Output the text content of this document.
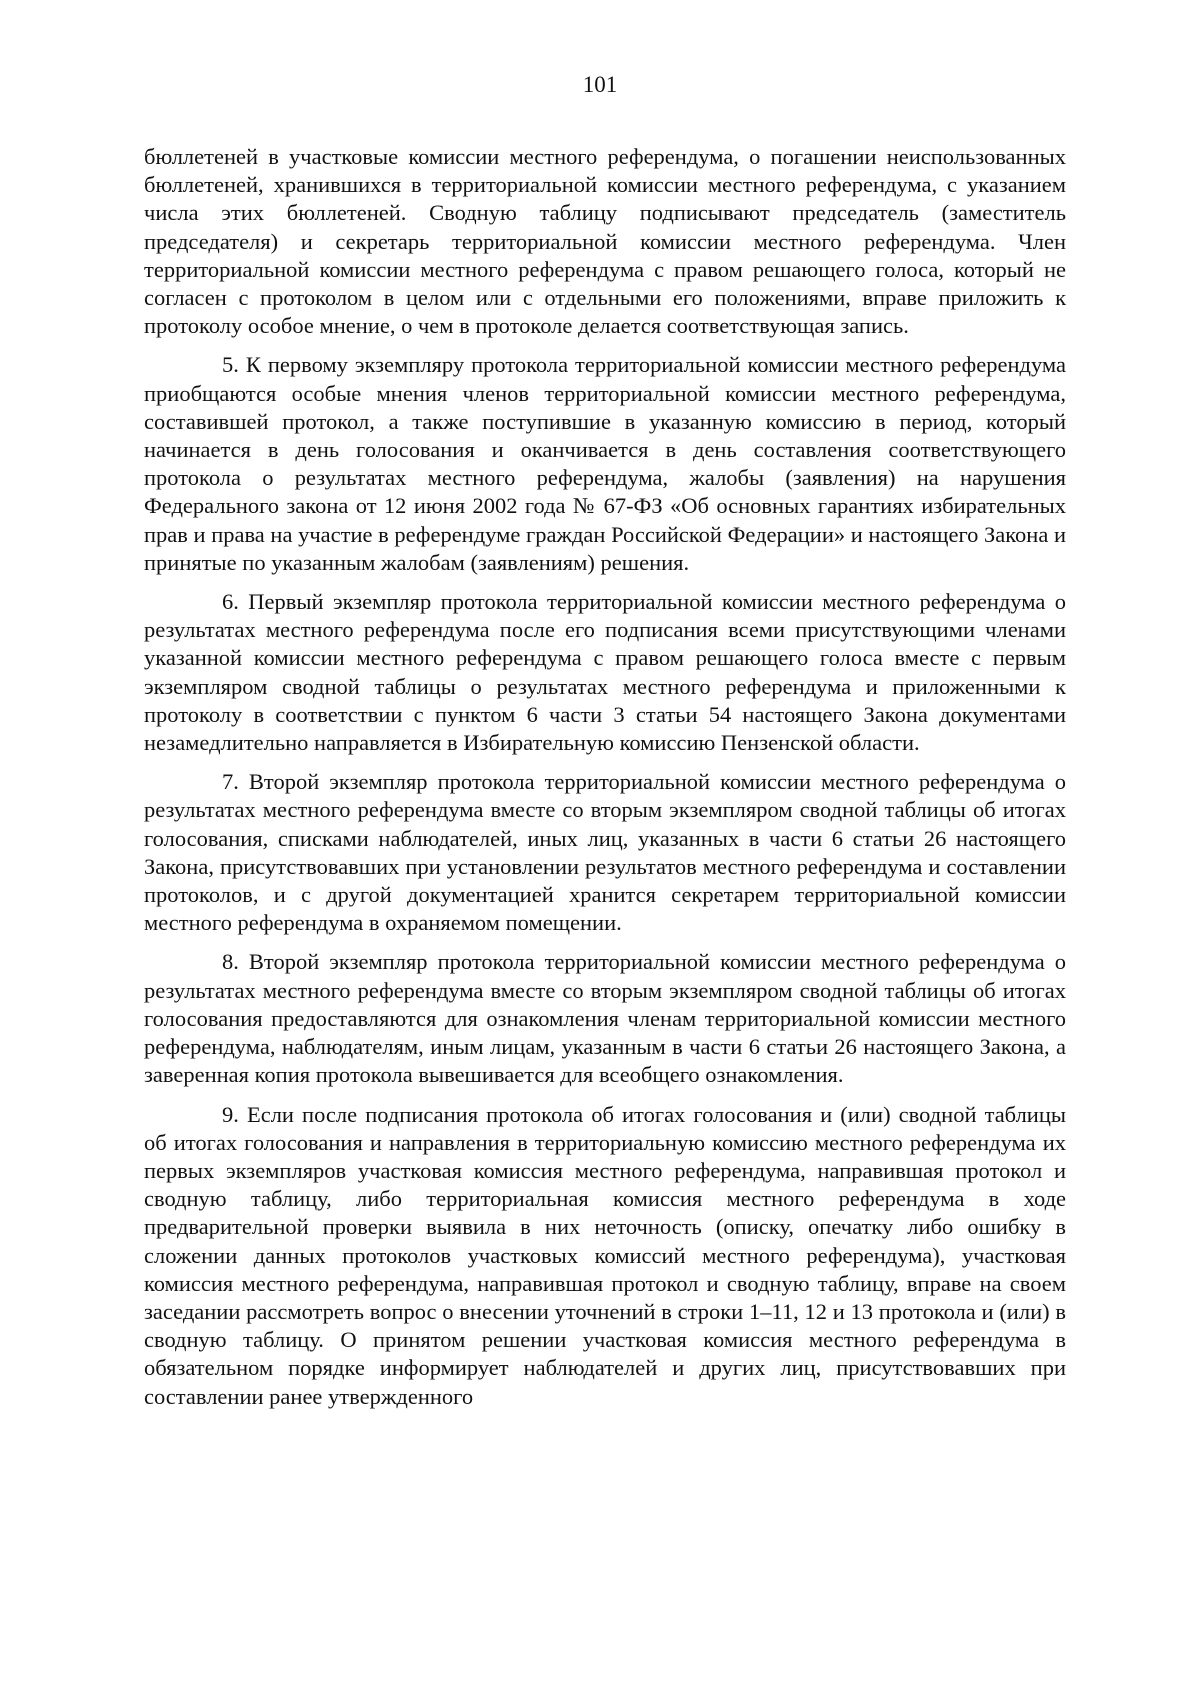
101

бюллетеней в участковые комиссии местного референдума, о погашении неиспользованных бюллетеней, хранившихся в территориальной комиссии местного референдума, с указанием числа этих бюллетеней. Сводную таблицу подписывают председатель (заместитель председателя) и секретарь территориальной комиссии местного референдума. Член территориальной комиссии местного референдума с правом решающего голоса, который не согласен с протоколом в целом или с отдельными его положениями, вправе приложить к протоколу особое мнение, о чем в протоколе делается соответствующая запись.

5. К первому экземпляру протокола территориальной комиссии местного референдума приобщаются особые мнения членов территориальной комиссии местного референдума, составившей протокол, а также поступившие в указанную комиссию в период, который начинается в день голосования и оканчивается в день составления соответствующего протокола о результатах местного референдума, жалобы (заявления) на нарушения Федерального закона от 12 июня 2002 года № 67-ФЗ «Об основных гарантиях избирательных прав и права на участие в референдуме граждан Российской Федерации» и настоящего Закона и принятые по указанным жалобам (заявлениям) решения.

6. Первый экземпляр протокола территориальной комиссии местного референдума о результатах местного референдума после его подписания всеми присутствующими членами указанной комиссии местного референдума с правом решающего голоса вместе с первым экземпляром сводной таблицы о результатах местного референдума и приложенными к протоколу в соответствии с пунктом 6 части 3 статьи 54 настоящего Закона документами незамедлительно направляется в Избирательную комиссию Пензенской области.

7. Второй экземпляр протокола территориальной комиссии местного референдума о результатах местного референдума вместе со вторым экземпляром сводной таблицы об итогах голосования, списками наблюдателей, иных лиц, указанных в части 6 статьи 26 настоящего Закона, присутствовавших при установлении результатов местного референдума и составлении протоколов, и с другой документацией хранится секретарем территориальной комиссии местного референдума в охраняемом помещении.

8. Второй экземпляр протокола территориальной комиссии местного референдума о результатах местного референдума вместе со вторым экземпляром сводной таблицы об итогах голосования предоставляются для ознакомления членам территориальной комиссии местного референдума, наблюдателям, иным лицам, указанным в части 6 статьи 26 настоящего Закона, а заверенная копия протокола вывешивается для всеобщего ознакомления.

9. Если после подписания протокола об итогах голосования и (или) сводной таблицы об итогах голосования и направления в территориальную комиссию местного референдума их первых экземпляров участковая комиссия местного референдума, направившая протокол и сводную таблицу, либо территориальная комиссия местного референдума в ходе предварительной проверки выявила в них неточность (описку, опечатку либо ошибку в сложении данных протоколов участковых комиссий местного референдума), участковая комиссия местного референдума, направившая протокол и сводную таблицу, вправе на своем заседании рассмотреть вопрос о внесении уточнений в строки 1–11, 12 и 13 протокола и (или) в сводную таблицу. О принятом решении участковая комиссия местного референдума в обязательном порядке информирует наблюдателей и других лиц, присутствовавших при составлении ранее утвержденного
